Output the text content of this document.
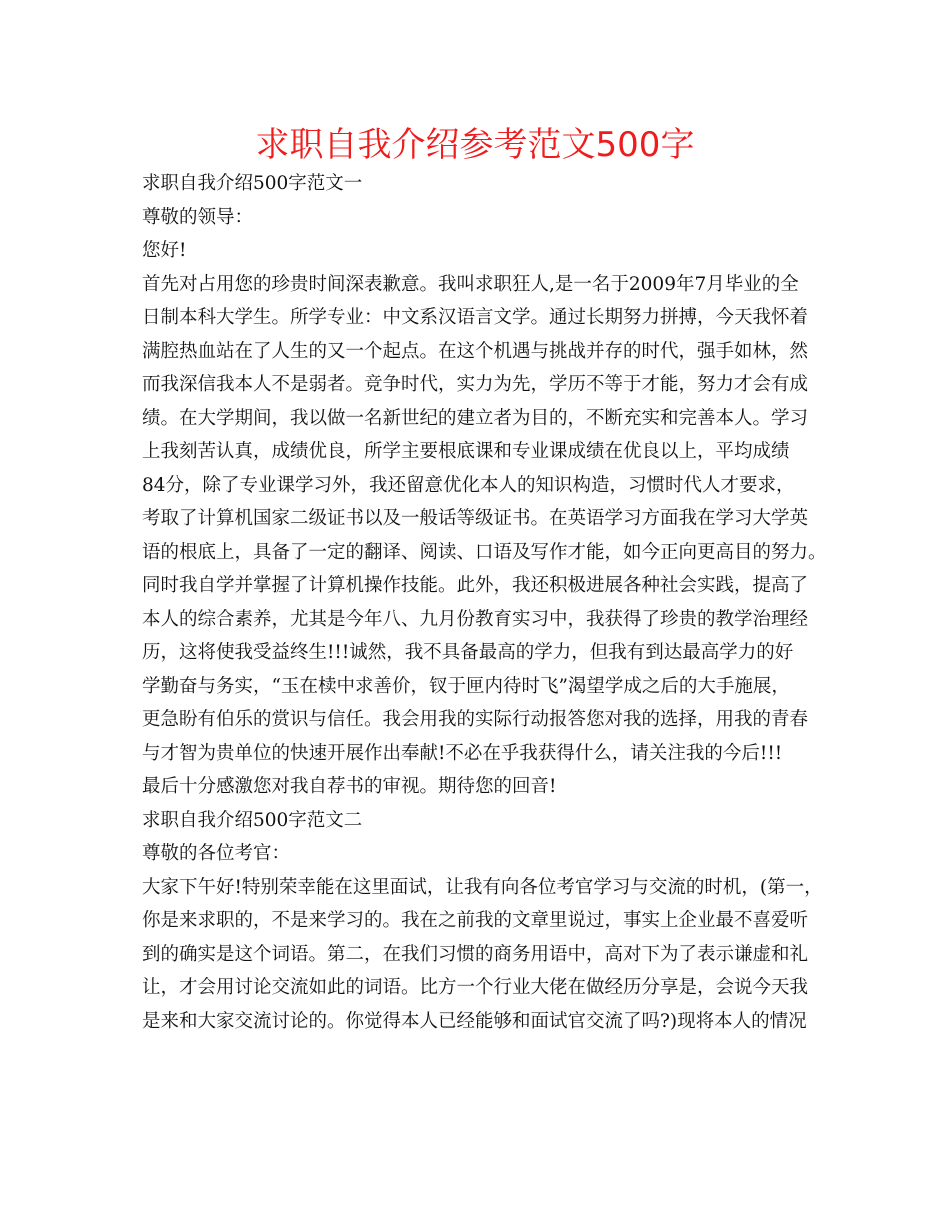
求职自我介绍参考范文500字
求职自我介绍500字范文一
尊敬的领导：
您好!
首先对占用您的珍贵时间深表歉意。我叫求职狂人,是一名于2009年7月毕业的全
日制本科大学生。所学专业：中文系汉语言文学。通过长期努力拼搏，今天我怀着
满腔热血站在了人生的又一个起点。在这个机遇与挑战并存的时代，强手如林，然
而我深信我本人不是弱者。竞争时代，实力为先，学历不等于才能，努力才会有成
绩。在大学期间，我以做一名新世纪的建立者为目的，不断充实和完善本人。学习
上我刻苦认真，成绩优良，所学主要根底课和专业课成绩在优良以上，平均成绩
84分，除了专业课学习外，我还留意优化本人的知识构造，习惯时代人才要求，
考取了计算机国家二级证书以及一般话等级证书。在英语学习方面我在学习大学英
语的根底上，具备了一定的翻译、阅读、口语及写作才能，如今正向更高目的努力。
同时我自学并掌握了计算机操作技能。此外，我还积极进展各种社会实践，提高了
本人的综合素养，尤其是今年八、九月份教育实习中，我获得了珍贵的教学治理经
历，这将使我受益终生!!!诚然，我不具备最高的学力，但我有到达最高学力的好
学勤奋与务实，“玉在椟中求善价，钗于匣内待时飞”渴望学成之后的大手施展，
更急盼有伯乐的赏识与信任。我会用我的实际行动报答您对我的选择，用我的青春
与才智为贵单位的快速开展作出奉献!不必在乎我获得什么，请关注我的今后!!!
最后十分感激您对我自荐书的审视。期待您的回音!
求职自我介绍500字范文二
尊敬的各位考官：
大家下午好!特别荣幸能在这里面试，让我有向各位考官学习与交流的时机，(第一，
你是来求职的，不是来学习的。我在之前我的文章里说过，事实上企业最不喜爱听
到的确实是这个词语。第二，在我们习惯的商务用语中，高对下为了表示谦虚和礼
让，才会用讨论交流如此的词语。比方一个行业大佬在做经历分享是，会说今天我
是来和大家交流讨论的。你觉得本人已经能够和面试官交流了吗?)现将本人的情况
